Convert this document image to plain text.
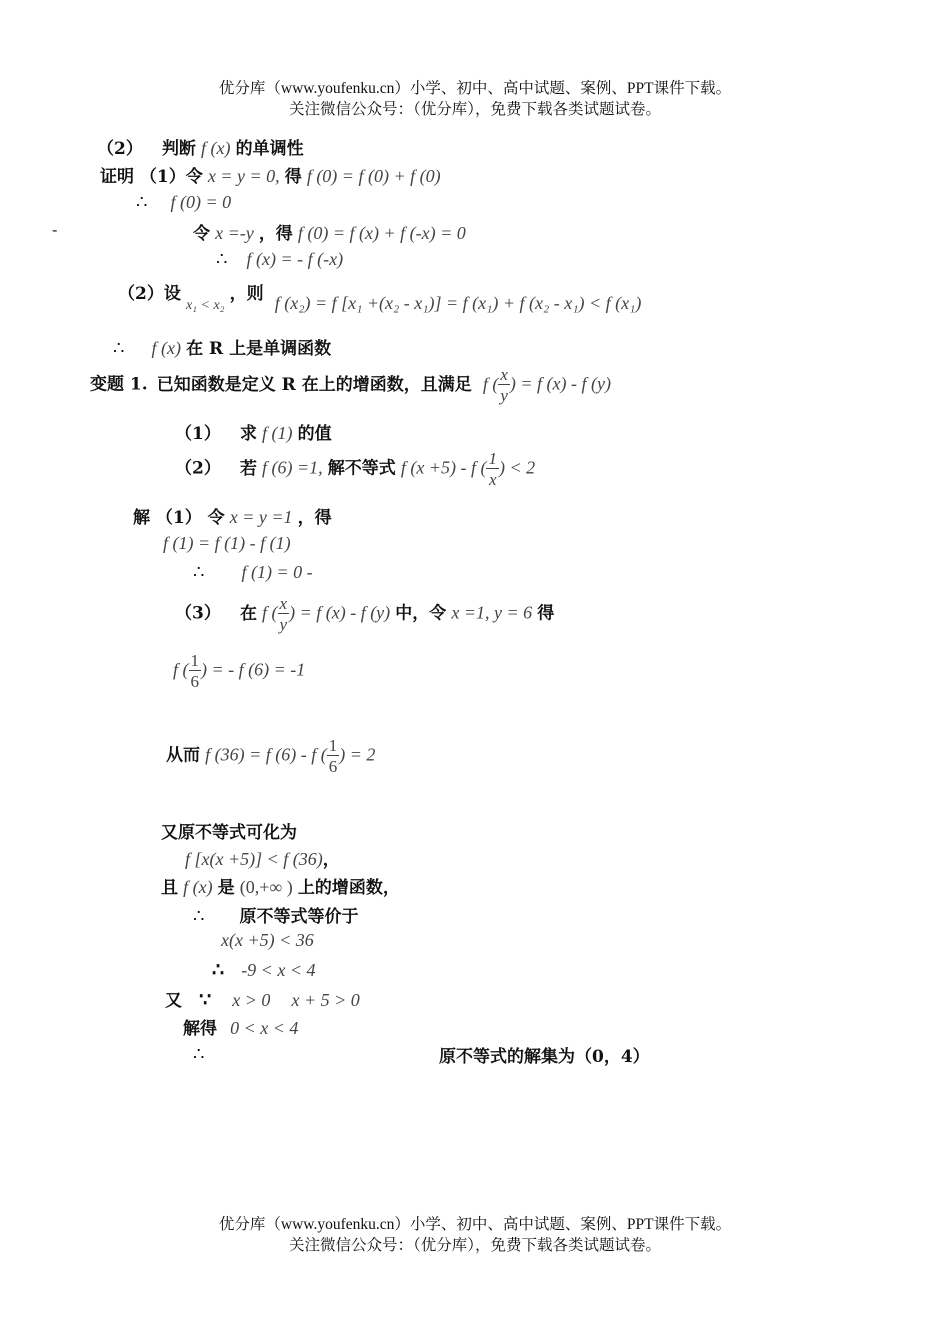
优分库（www.youfenku.cn）小学、初中、高中试题、案例、PPT课件下载。
关注微信公众号：（优分库），免费下载各类试题试卷。
（2） 判断 f (x) 的单调性
证明 （1）令 x = y = 0, 得 f (0) = f (0) + f (0)
∴ f (0) = 0
-	令 x =-y ，得 f (0) = f (x) + f (-x) = 0
∴ f (x) = - f (-x)
（2）设 x₁ < x₂ ，则 f (x₂) = f [x₁ +(x₂ - x₁)] = f (x₁) + f (x₂ - x₁) < f (x₁)
∴ f (x) 在 R 上是单调函数
变题 1. 已知函数是定义 R 在上的增函数，且满足 f ( $\frac{x}{y}$ ) = f (x) - f (y)
（1） 求 f (1) 的值
（2） 若 f (6) =1, 解不等式 f (x +5) - f ( $\frac{1}{x}$ ) < 2
解 （1） 令 x = y =1 ，得
f (1) = f (1) - f (1)
∴ f (1) = 0 -
（3） 在 f ( $\frac{x}{y}$ ) = f (x) - f (y) 中，令 x =1, y = 6 得
f ( $\frac{1}{6}$ ) = - f (6) = -1
从而 f (36) = f (6) - f ( $\frac{1}{6}$ ) = 2
又原不等式可化为
f [x(x +5)] < f (36)，
且 f (x) 是 (0,+∞ ) 上的增函数，
∴ 原不等式等价于
x(x +5) < 36
∴ -9 < x < 4
又 ∵ x > 0 x + 5 > 0
解得 0 < x < 4
∴	原不等式的解集为（0，4）
优分库（www.youfenku.cn）小学、初中、高中试题、案例、PPT课件下载。
关注微信公众号：（优分库），免费下载各类试题试卷。
